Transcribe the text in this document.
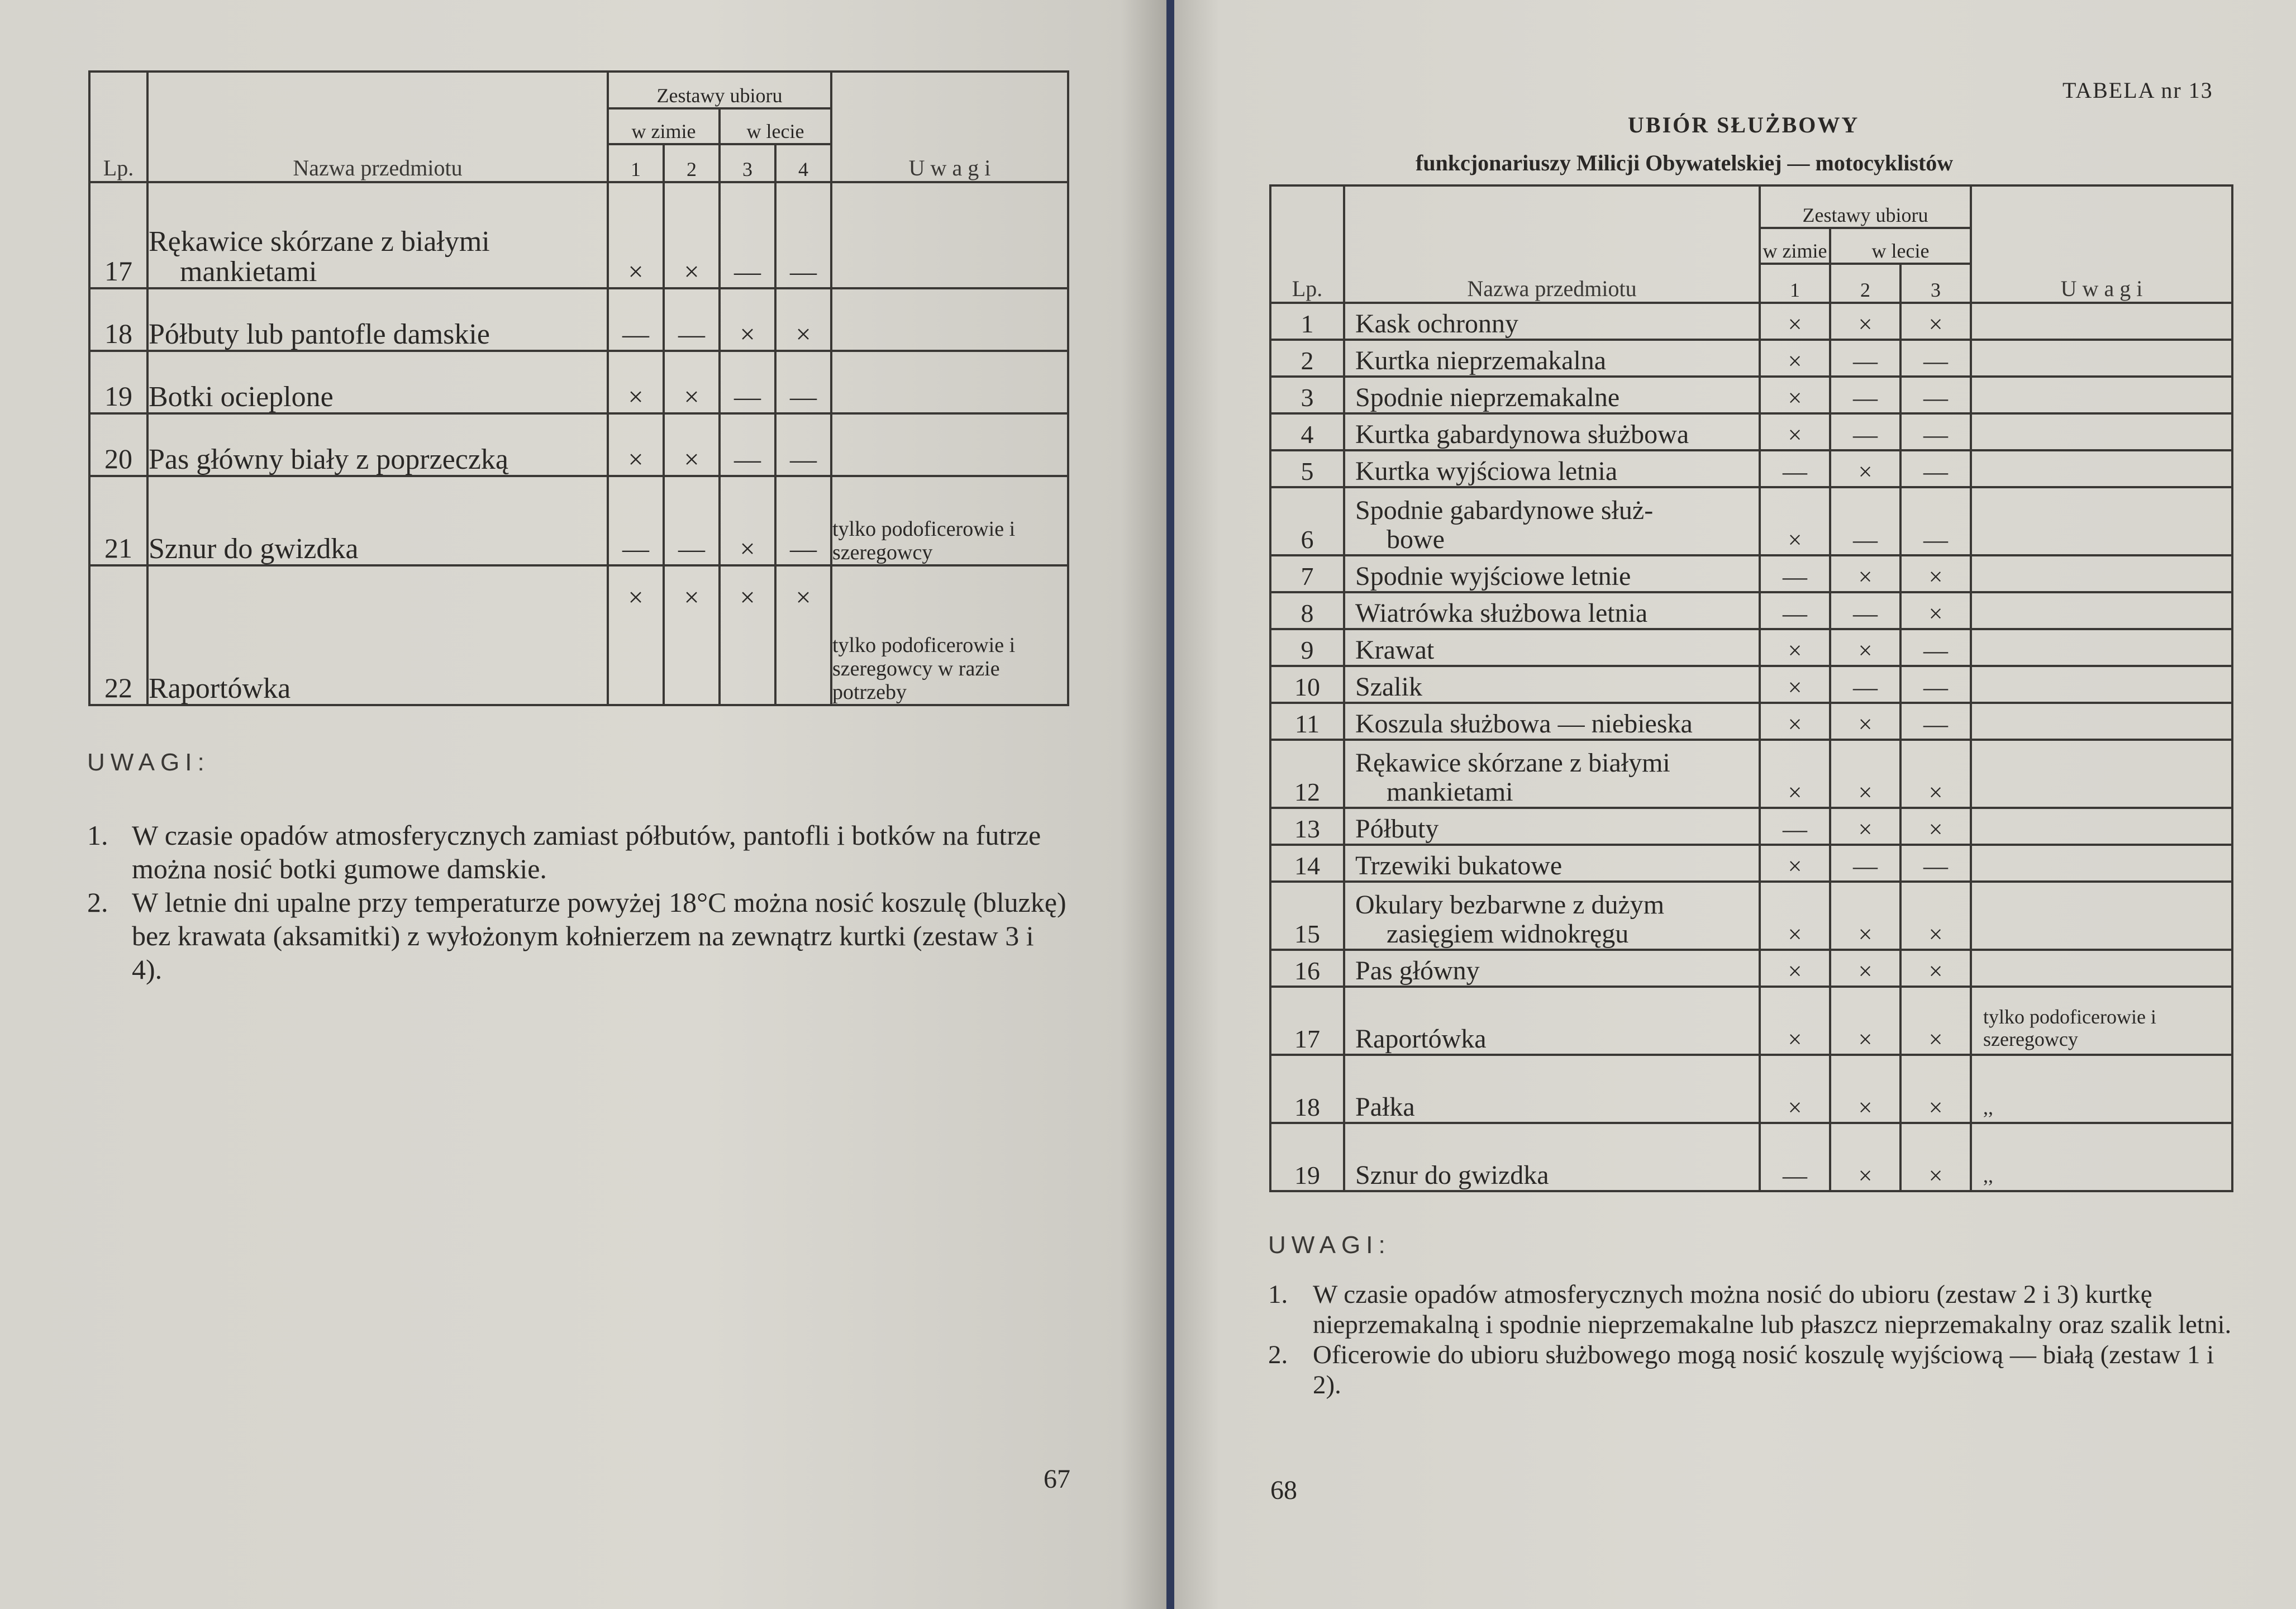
Lp.	Nazwa przedmiotu	Zestawy ubioru				U w a g i
		w zimie		w lecie		
		1	2	3	4	
17	Rękawice skórzane z białymi
mankietami	×	×	—	—	
18	Półbuty lub pantofle damskie	—	—	×	×	
19	Botki ocieplone	×	×	—	—	
20	Pas główny biały z poprzeczką	×	×	—	—	
21	Sznur do gwizdka	—	—	×	—	tylko podoficerowie i szeregowcy
22	Raportówka	×	×	×	×	tylko podoficerowie i szeregowcy w razie potrzeby
UWAGI:
1. W czasie opadów atmosferycznych zamiast półbutów, pantofli i botków na futrze można nosić botki gumowe damskie.
2. W letnie dni upalne przy temperaturze powyżej 18°C można nosić koszulę (bluzkę) bez krawata (aksamitki) z wyłożonym kołnierzem na zewnątrz kurtki (zestaw 3 i 4).
67
TABELA nr 13
UBIÓR SŁUŻBOWY
funkcjonariuszy Milicji Obywatelskiej — motocyklistów
Lp.	Nazwa przedmiotu	Zestawy ubioru			U w a g i
		w zimie	w lecie		
		1	2	3	
1	Kask ochronny	×	×	×	
2	Kurtka nieprzemakalna	×	—	—	
3	Spodnie nieprzemakalne	×	—	—	
4	Kurtka gabardynowa służbowa	×	—	—	
5	Kurtka wyjściowa letnia	—	×	—	
6	Spodnie gabardynowe służ-
bowe	×	—	—	
7	Spodnie wyjściowe letnie	—	×	×	
8	Wiatrówka służbowa letnia	—	—	×	
9	Krawat	×	×	—	
10	Szalik	×	—	—	
11	Koszula służbowa — niebieska	×	×	—	
12	Rękawice skórzane z białymi
mankietami	×	×	×	
13	Półbuty	—	×	×	
14	Trzewiki bukatowe	×	—	—	
15	Okulary bezbarwne z dużym
zasięgiem widnokręgu	×	×	×	
16	Pas główny	×	×	×	
17	Raportówka	×	×	×	tylko podoficerowie i szeregowcy
18	Pałka	×	×	×	,,
19	Sznur do gwizdka	—	×	×	,,
UWAGI:
1. W czasie opadów atmosferycznych można nosić do ubioru (zestaw 2 i 3) kurtkę nieprzemakalną i spodnie nieprzemakalne lub płaszcz nieprzemakalny oraz szalik letni.
2. Oficerowie do ubioru służbowego mogą nosić koszulę wyjściową — białą (zestaw 1 i 2).
68
